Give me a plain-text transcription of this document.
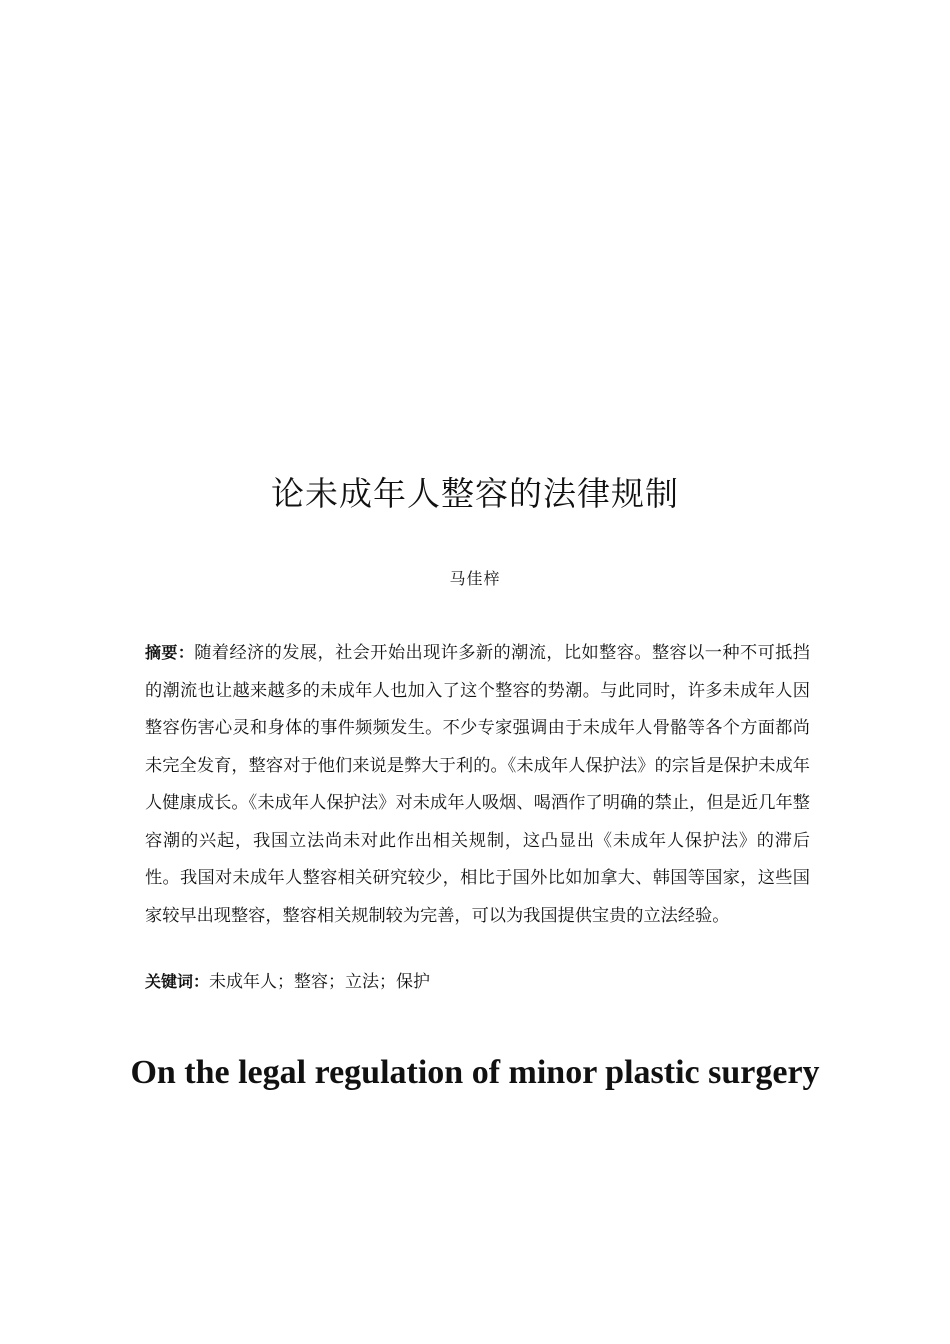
论未成年人整容的法律规制
马佳梓
摘要：随着经济的发展，社会开始出现许多新的潮流，比如整容。整容以一种不可抵挡的潮流也让越来越多的未成年人也加入了这个整容的势潮。与此同时，许多未成年人因整容伤害心灵和身体的事件频频发生。不少专家强调由于未成年人骨骼等各个方面都尚未完全发育，整容对于他们来说是弊大于利的。《未成年人保护法》的宗旨是保护未成年人健康成长。《未成年人保护法》对未成年人吸烟、喝酒作了明确的禁止，但是近几年整容潮的兴起，我国立法尚未对此作出相关规制，这凸显出《未成年人保护法》的滞后性。我国对未成年人整容相关研究较少，相比于国外比如加拿大、韩国等国家，这些国家较早出现整容，整容相关规制较为完善，可以为我国提供宝贵的立法经验。
关键词：未成年人；整容；立法；保护
On the legal regulation of minor plastic surgery
